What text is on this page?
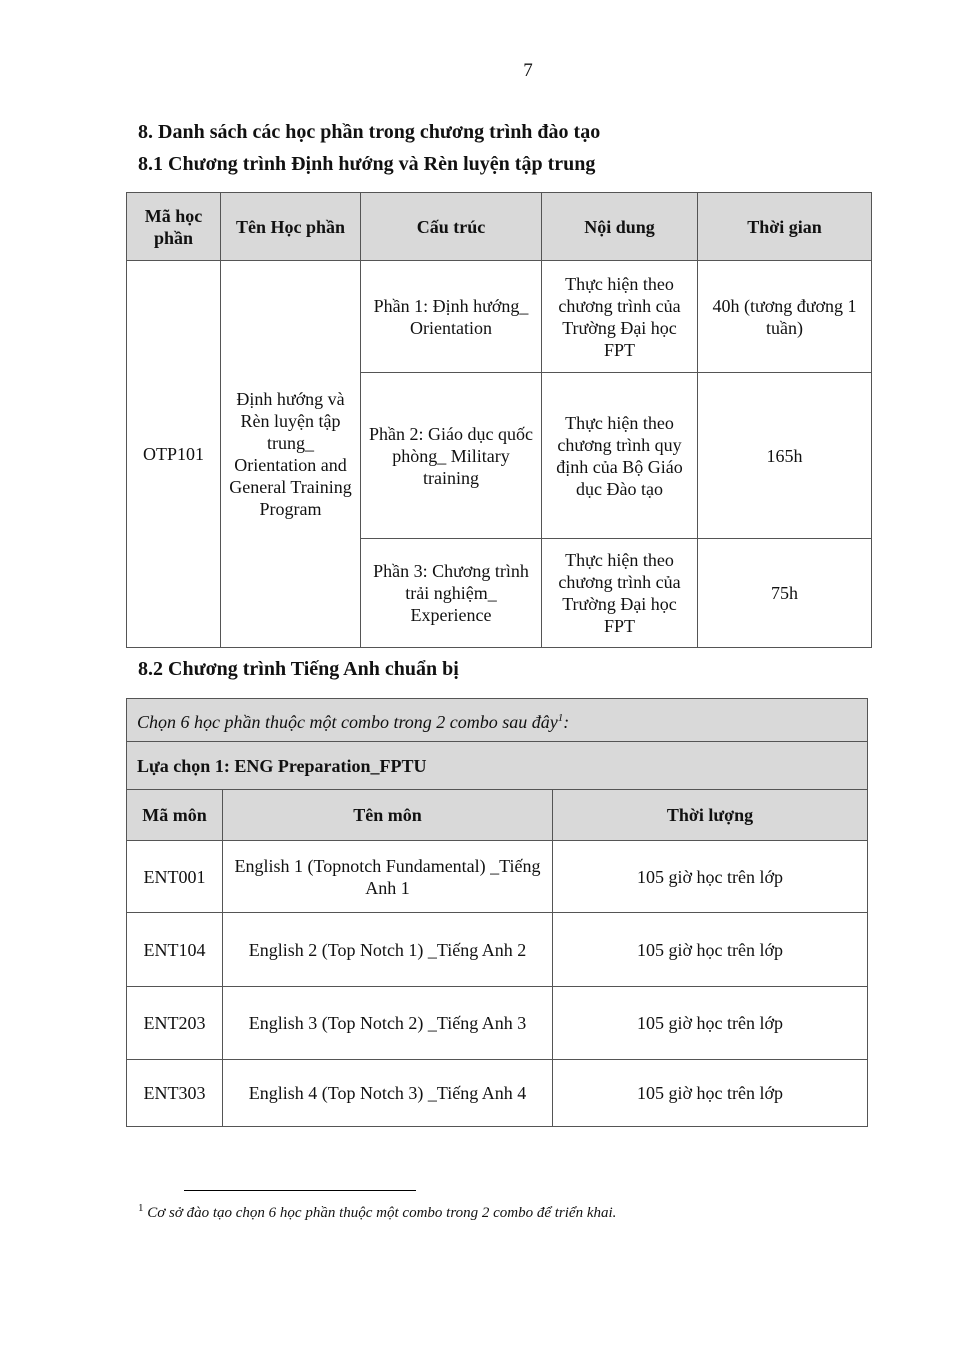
7
8. Danh sách các học phần trong chương trình đào tạo
8.1 Chương trình Định hướng và Rèn luyện tập trung
Mã học phần	Tên Học phần	Cấu trúc	Nội dung	Thời gian
OTP101	Định hướng và Rèn luyện tập trung_ Orientation and General Training Program	Phần 1: Định hướng_ Orientation	Thực hiện theo chương trình của Trường Đại học FPT	40h (tương đương 1 tuần)
		Phần 2: Giáo dục quốc phòng_ Military training	Thực hiện theo chương trình quy định của Bộ Giáo dục Đào tạo	165h
		Phần 3: Chương trình trải nghiệm_ Experience	Thực hiện theo chương trình của Trường Đại học FPT	75h
8.2 Chương trình Tiếng Anh chuẩn bị
Chọn 6 học phần thuộc một combo trong 2 combo sau đây$^1$:		
Lựa chọn 1: ENG Preparation_FPTU		
Mã môn	Tên môn	Thời lượng
ENT001	English 1 (Topnotch Fundamental) _Tiếng Anh 1	105 giờ học trên lớp
ENT104	English 2 (Top Notch 1) _Tiếng Anh 2	105 giờ học trên lớp
ENT203	English 3 (Top Notch 2) _Tiếng Anh 3	105 giờ học trên lớp
ENT303	English 4 (Top Notch 3) _Tiếng Anh 4	105 giờ học trên lớp
$^1$ Cơ sở đào tạo chọn 6 học phần thuộc một combo trong 2 combo để triển khai.
